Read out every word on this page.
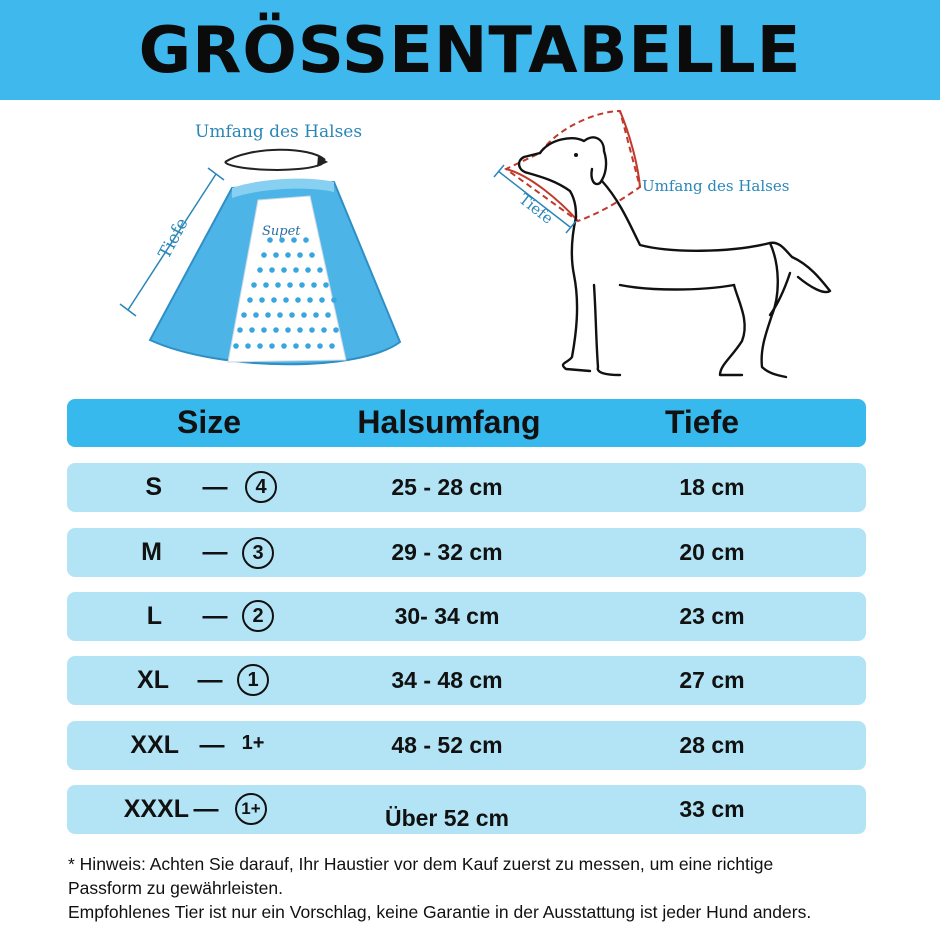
GRÖSSENTABELLE
Umfang des Halses
Supet
Tiefe
Tiefe
Umfang des Halses
Size	Halsumfang	Tiefe
S —	4	25 - 28 cm	18 cm
M —	3	29 - 32 cm	20 cm
L —	2	30- 34 cm	23 cm
XL —	1	34 - 48 cm	27 cm
XXL — 1+	48 - 52 cm	28 cm
XXXL —	1+	Über 52 cm	33 cm
* Hinweis: Achten Sie darauf, Ihr Haustier vor dem Kauf zuerst zu messen, um eine richtige
Passform zu gewährleisten.
Empfohlenes Tier ist nur ein Vorschlag, keine Garantie in der Ausstattung ist jeder Hund anders.
